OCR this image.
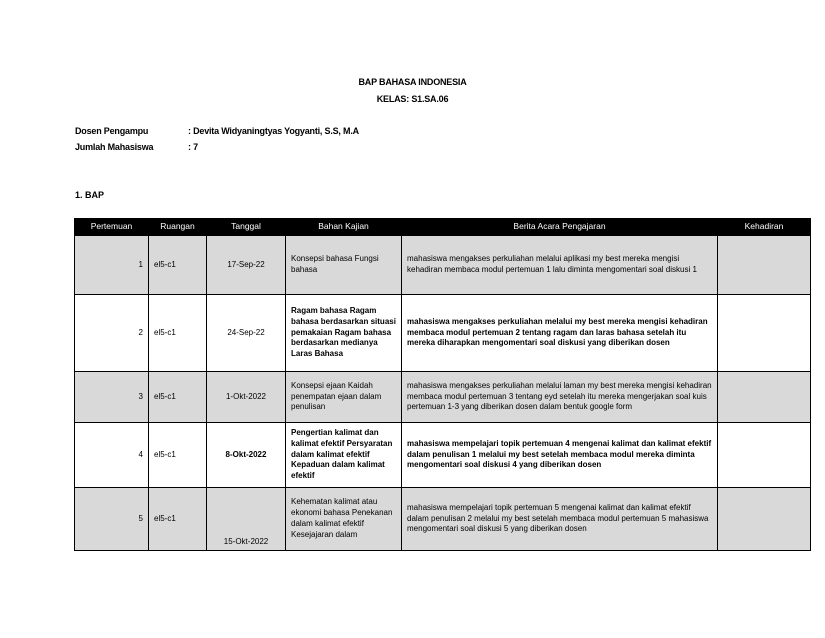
BAP BAHASA INDONESIA
KELAS: S1.SA.06
Dosen Pengampu	: Devita Widyaningtyas Yogyanti, S.S, M.A
Jumlah Mahasiswa	: 7
1. BAP
Pertemuan	Ruangan	Tanggal	Bahan Kajian	Berita Acara Pengajaran	Kehadiran
1	el5-c1	17-Sep-22	Konsepsi bahasa Fungsi bahasa	mahasiswa mengakses perkuliahan melalui aplikasi my best mereka mengisi kehadiran membaca modul pertemuan 1 lalu diminta mengomentari soal diskusi 1	
2	el5-c1	24-Sep-22	Ragam bahasa Ragam bahasa berdasarkan situasi pemakaian Ragam bahasa berdasarkan medianya Laras Bahasa	mahasiswa mengakses perkuliahan melalui my best mereka mengisi kehadiran membaca modul pertemuan 2 tentang ragam dan laras bahasa setelah itu mereka diharapkan mengomentari soal diskusi yang diberikan dosen	
3	el5-c1	1-Okt-2022	Konsepsi ejaan Kaidah penempatan ejaan dalam penulisan	mahasiswa mengakses perkuliahan melalui laman my best mereka mengisi kehadiran membaca modul pertemuan 3 tentang eyd setelah itu mereka mengerjakan soal kuis pertemuan 1-3 yang diberikan dosen dalam bentuk google form	
4	el5-c1	8-Okt-2022	Pengertian kalimat dan kalimat efektif Persyaratan dalam kalimat efektif Kepaduan dalam kalimat efektif	mahasiswa mempelajari topik pertemuan 4 mengenai kalimat dan kalimat efektif dalam penulisan 1 melalui my best setelah membaca modul mereka diminta mengomentari soal diskusi 4 yang diberikan dosen	
5	el5-c1	15-Okt-2022	Kehematan kalimat atau ekonomi bahasa Penekanan dalam kalimat efektif Kesejajaran dalam	mahasiswa mempelajari topik pertemuan 5 mengenai kalimat dan kalimat efektif dalam penulisan 2 melalui my best setelah membaca modul pertemuan 5 mahasiswa mengomentari soal diskusi 5 yang diberikan dosen	
